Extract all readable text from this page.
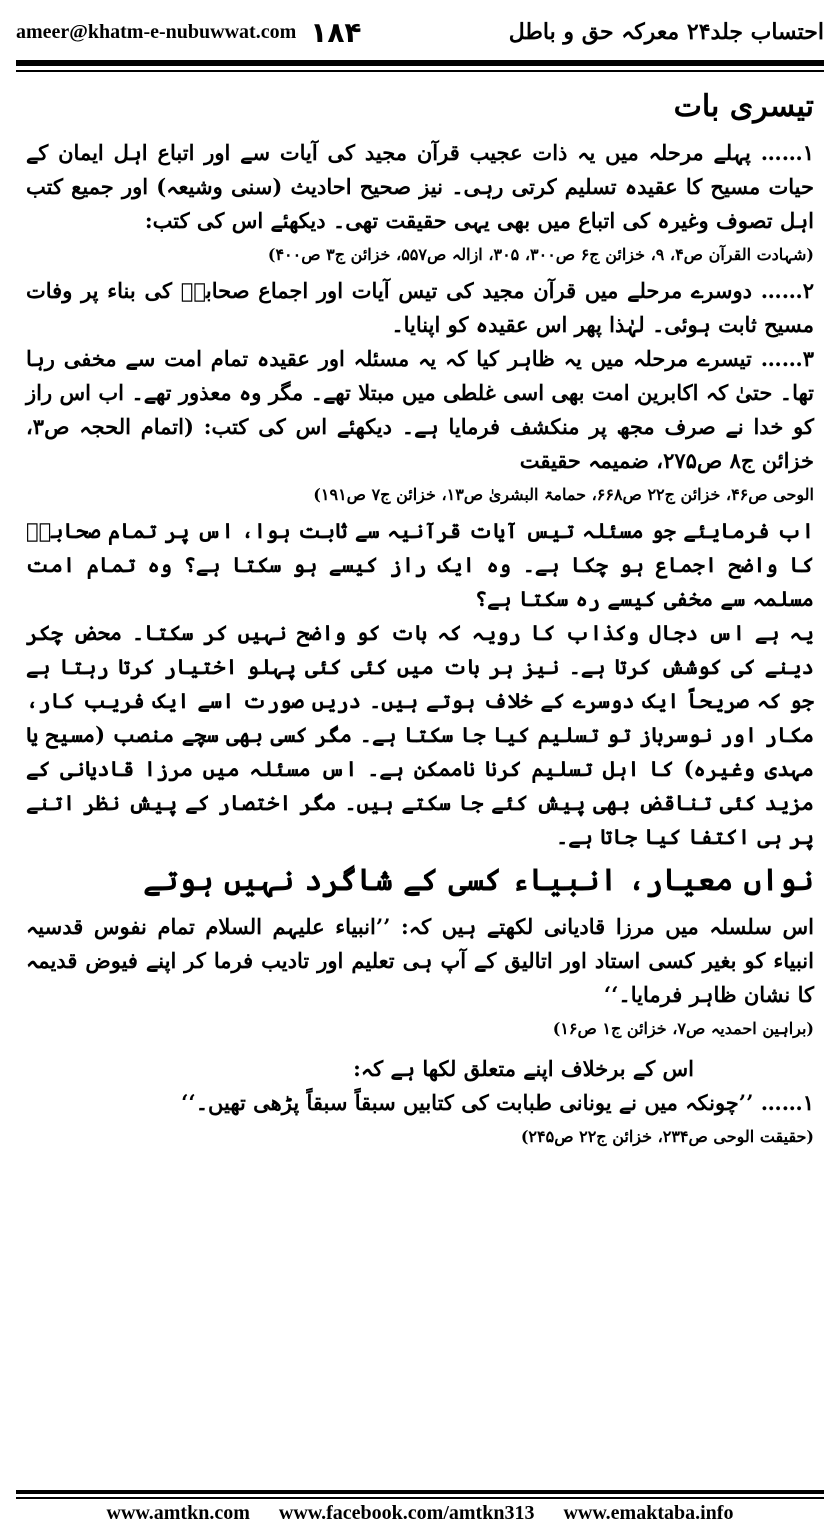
ameer@khatm-e-nubuwwat.com ۱۸۴	احتساب جلد۲۴ معرکہ حق و باطل
تیسری بات

۱…… پہلے مرحلہ میں یہ ذات عجیب قرآن مجید کی آیات سے اور اتباع اہل ایمان کے حیات مسیح کا عقیدہ تسلیم کرتی رہی۔ نیز صحیح احادیث (سنی وشیعہ) اور جمیع کتب اہل تصوف وغیرہ کی اتباع میں بھی یہی حقیقت تھی۔ دیکھئے اس کی کتب:

(شہادت القرآن ص۴، ۹، خزائن ج۶ ص۳۰۰، ۳۰۵، ازالہ ص۵۵۷، خزائن ج۳ ص۴۰۰)

۲…… دوسرے مرحلے میں قرآن مجید کی تیس آیات اور اجماع صحابہؓ کی بناء پر وفات مسیح ثابت ہوئی۔ لہٰذا پھر اس عقیدہ کو اپنایا۔

۳…… تیسرے مرحلہ میں یہ ظاہر کیا کہ یہ مسئلہ اور عقیدہ تمام امت سے مخفی رہا تھا۔ حتیٰ کہ اکابرین امت بھی اسی غلطی میں مبتلا تھے۔ مگر وہ معذور تھے۔ اب اس راز کو خدا نے صرف مجھ پر منکشف فرمایا ہے۔ دیکھئے اس کی کتب: (اتمام الحجہ ص۳، خزائن ج۸ ص۲۷۵، ضمیمہ حقیقت

الوحی ص۴۶، خزائن ج۲۲ ص۶۶۸، حمامۃ البشریٰ ص۱۳، خزائن ج۷ ص۱۹۱)

اب فرمایئے جو مسئلہ تیس آیات قرآنیہ سے ثابت ہوا، اس پر تمام صحابہؓ کا واضح اجماع ہو چکا ہے۔ وہ ایک راز کیسے ہو سکتا ہے؟ وہ تمام امت مسلمہ سے مخفی کیسے رہ سکتا ہے؟

یہ ہے اس دجال وکذاب کا رویہ کہ بات کو واضح نہیں کر سکتا۔ محض چکر دینے کی کوشش کرتا ہے۔ نیز ہر بات میں کئی کئی پہلو اختیار کرتا رہتا ہے جو کہ صریحاً ایک دوسرے کے خلاف ہوتے ہیں۔ دریں صورت اسے ایک فریب کار، مکار اور نوسرباز تو تسلیم کیا جا سکتا ہے۔ مگر کسی بھی سچے منصب (مسیح یا مہدی وغیرہ) کا اہل تسلیم کرنا ناممکن ہے۔ اس مسئلہ میں مرزا قادیانی کے مزید کئی تناقض بھی پیش کئے جا سکتے ہیں۔ مگر اختصار کے پیش نظر اتنے پر ہی اکتفا کیا جاتا ہے۔

نواں معیار، انبیاء کسی کے شاگرد نہیں ہوتے

اس سلسلہ میں مرزا قادیانی لکھتے ہیں کہ: ’’انبیاء علیہم السلام تمام نفوس قدسیہ انبیاء کو بغیر کسی استاد اور اتالیق کے آپ ہی تعلیم اور تادیب فرما کر اپنے فیوض قدیمہ کا نشان ظاہر فرمایا۔‘‘

(براہین احمدیہ ص۷، خزائن ج۱ ص۱۶)

اس کے برخلاف اپنے متعلق لکھا ہے کہ:

۱…… ’’چونکہ میں نے یونانی طبابت کی کتابیں سبقاً سبقاً پڑھی تھیں۔‘‘

(حقیقت الوحی ص۲۳۴، خزائن ج۲۲ ص۲۴۵)

www.amtkn.com www.facebook.com/amtkn313 www.emaktaba.info
